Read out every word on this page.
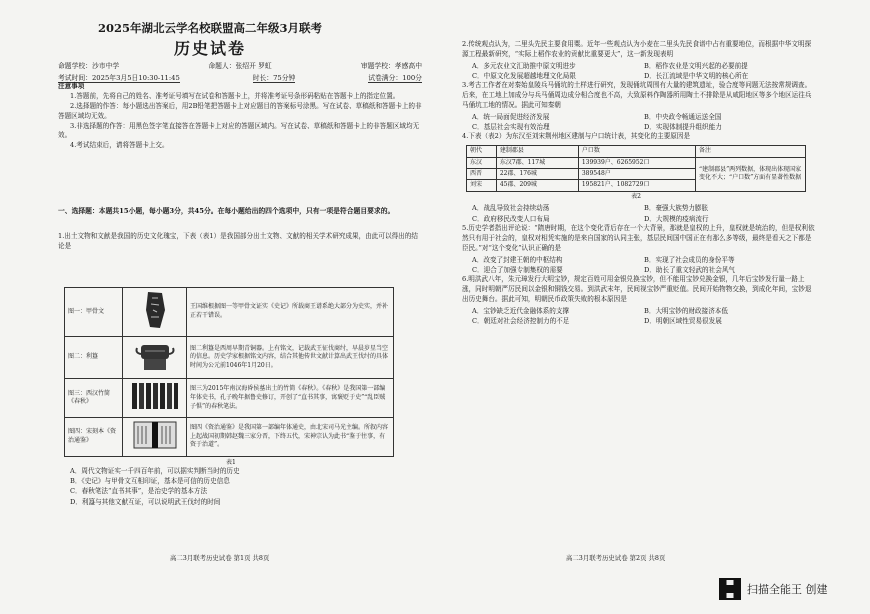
2025年湖北云学名校联盟高二年级3月联考
历史试卷
命题学校：沙市中学	命题人：张绍开 罗虹	审题学校：孝感高中
考试时间：2025年3月5日10:30-11:45	时长：75分钟	试卷满分：100分
注意事项

1.答题前，先将自己的姓名、准考证号填写在试卷和答题卡上，并将准考证号条形码粘贴在答题卡上的指定位置。

2.选择题的作答：每小题选出答案后，用2B铅笔把答题卡上对应题目的答案标号涂黑。写在试卷、草稿纸和答题卡上的非答题区域均无效。

3.非选择题的作答：用黑色签字笔直接答在答题卡上对应的答题区域内。写在试卷、草稿纸和答题卡上的非答题区域均无效。

4.考试结束后，请将答题卡上交。

一、选择题：本题共15小题，每小题3分，共45分。在每小题给出的四个选项中，只有一项是符合题目要求的。
1.出土文物和文献是我国的历史文化瑰宝，下表（表1）是我国部分出土文物、文献的相关学术研究成果，由此可以得出的结论是
图一：甲骨文		王国维根据图一等甲骨文证实《史记》所载商王谱系绝大部分为史实，并补正若干错误。
图二：利簋		图二利簋是西周早期青铜器。上有铭文，记载武王征伐商纣，早晨岁星当空的信息。历史学家根据铭文内容，结合其他传世文献计算出武王伐纣的具体时间为公元前1046年1月20日。
图三：西汉竹简《春秋》		图三为2015年南汉海昏侯墓出土的竹简《春秋》。《春秋》是我国第一部编年体史书，孔子晚年据鲁史修订，开创了“直书其事，寓褒贬于史”“乱臣贼子惧”的春秋笔法。
图四：宋刻本《资治通鉴》		图四《资治通鉴》是我国第一部编年体通史，由北宋司马光主编。所叙内容上起战国初期韩赵魏三家分晋，下终五代，宋神宗认为此书“鉴于往事，有资于治道”。
表1
A．周代文物证实一千四百年前，可以据实判断当时的历史
B．《史记》与甲骨文互相印证，基本是可信的历史信息
C．春秋笔法“直书其事”，是治史学的基本方法
D．利簋与其他文献互证，可以说明武王伐纣的时间
高二3月联考历史试卷 第1页 共8页
2.传统观点认为，二里头先民主要食用粟。近年一些观点认为小麦在二里头先民食谱中占有重要地位，而根据中华文明探源工程最新研究，“实际上稻作农业的贡献比重要更大”，这一新发现表明
A．多元农业文汇助推中原文明进步	B．稻作农业是文明兴起的必要前提
C．中原文化发展超越地理文化局限	D．长江流域是中华文明的核心所在
3.考古工作者在对秦始皇陵兵马俑坑的土样进行研究，发现俑坑周围有大量的建筑遗址，验合度等问题无法按常规调查。后来，在工地上加成分与兵马俑周边成分相合度也不高，大致原料作陶器所用陶土不排除是从咸阳地区等多个地区运往兵马俑坑工地的情况。据此可知秦朝
A．统一局面促进经济发展	B．中央政令畅通运送全国
C．基层社会实现有效治理	D．实现体制提升组织能力
4.下表（表2）为东汉至刘宋荆州地区建制与户口统计表，其变化的主要原因是
朝代	建制郡县	户口数	备注
东汉	东汉7郡、117城	139939户、6265952口	“建制郡县”两列数据，体现出体现国家变化不大；“户口数”方面有显著性数据
西晋	22郡、176城	389548户	
刘宋	45郡、209城	195821户、1082729口	
表2
A．战乱导致社会持续动荡	B．豪强大族势力膨胀
C．政府移民改变人口布局	D．大规模的疫病流行
5.历史学者指出评论说：“隋唐时期，在这个变化背后存在一个大背景，那就是皇权的上升，皇权就是统治的，但是权利依然只有用于社会的，皇权对相凭实施的是来自国家的认同主张，基层民间国中国正在有那么多等级，最终是看天之下都是臣民。”对“这个变化”认识正确的是
A．改变了封建王朝的中枢结构	B．实现了社会成员的身份平等
C．迎合了加强专制集权的需要	D．助长了重文轻武的社会风气
6.明洪武八年，朱元璋发行大明宝钞，规定百姓可用金银兑换宝钞，但不能用宝钞兑换金银，几年后宝钞发行量一路上涨，同时明朝严厉民间以金银和铜钱交易。到洪武末年，民间视宝钞严重贬值。民间开始物物交换，到成化年间，宝钞退出历史舞台。据此可知，明朝民币政策失败的根本原因是
A．宝钞缺乏近代金融体系的支撑	B．大明宝钞的财政接济本低
C．朝廷对社会经济控制力的不足	D．明朝区域性贸易很发展
高二3月联考历史试卷 第2页 共8页
扫描全能王 创建
